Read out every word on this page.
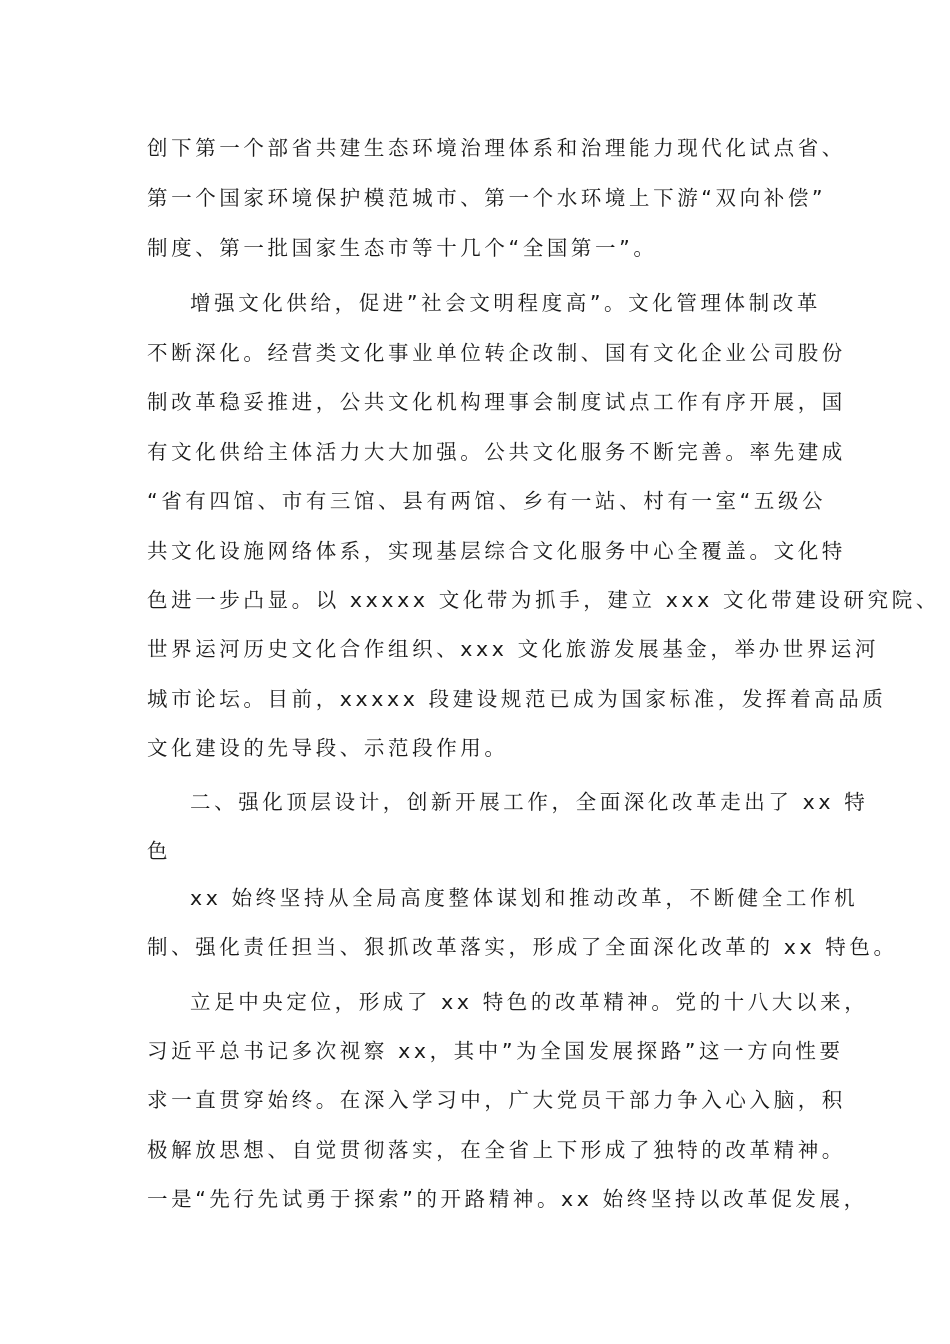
创下第一个部省共建生态环境治理体系和治理能力现代化试点省、
第一个国家环境保护模范城市、第一个水环境上下游“双向补偿”
制度、第一批国家生态市等十几个“全国第一”。
增强文化供给，促进”社会文明程度高”。文化管理体制改革
不断深化。经营类文化事业单位转企改制、国有文化企业公司股份
制改革稳妥推进，公共文化机构理事会制度试点工作有序开展，国
有文化供给主体活力大大加强。公共文化服务不断完善。率先建成
“省有四馆、市有三馆、县有两馆、乡有一站、村有一室“五级公
共文化设施网络体系，实现基层综合文化服务中心全覆盖。文化特
色进一步凸显。以 xxxxx 文化带为抓手，建立 xxx 文化带建设研究院、
世界运河历史文化合作组织、xxx 文化旅游发展基金，举办世界运河
城市论坛。目前，xxxxx 段建设规范已成为国家标准，发挥着高品质
文化建设的先导段、示范段作用。
二、强化顶层设计，创新开展工作，全面深化改革走出了 xx 特
色
xx 始终坚持从全局高度整体谋划和推动改革，不断健全工作机
制、强化责任担当、狠抓改革落实，形成了全面深化改革的 xx 特色。
立足中央定位，形成了 xx 特色的改革精神。党的十八大以来，
习近平总书记多次视察 xx，其中”为全国发展探路”这一方向性要
求一直贯穿始终。在深入学习中，广大党员干部力争入心入脑，积
极解放思想、自觉贯彻落实，在全省上下形成了独特的改革精神。
一是“先行先试勇于探索”的开路精神。xx 始终坚持以改革促发展，
